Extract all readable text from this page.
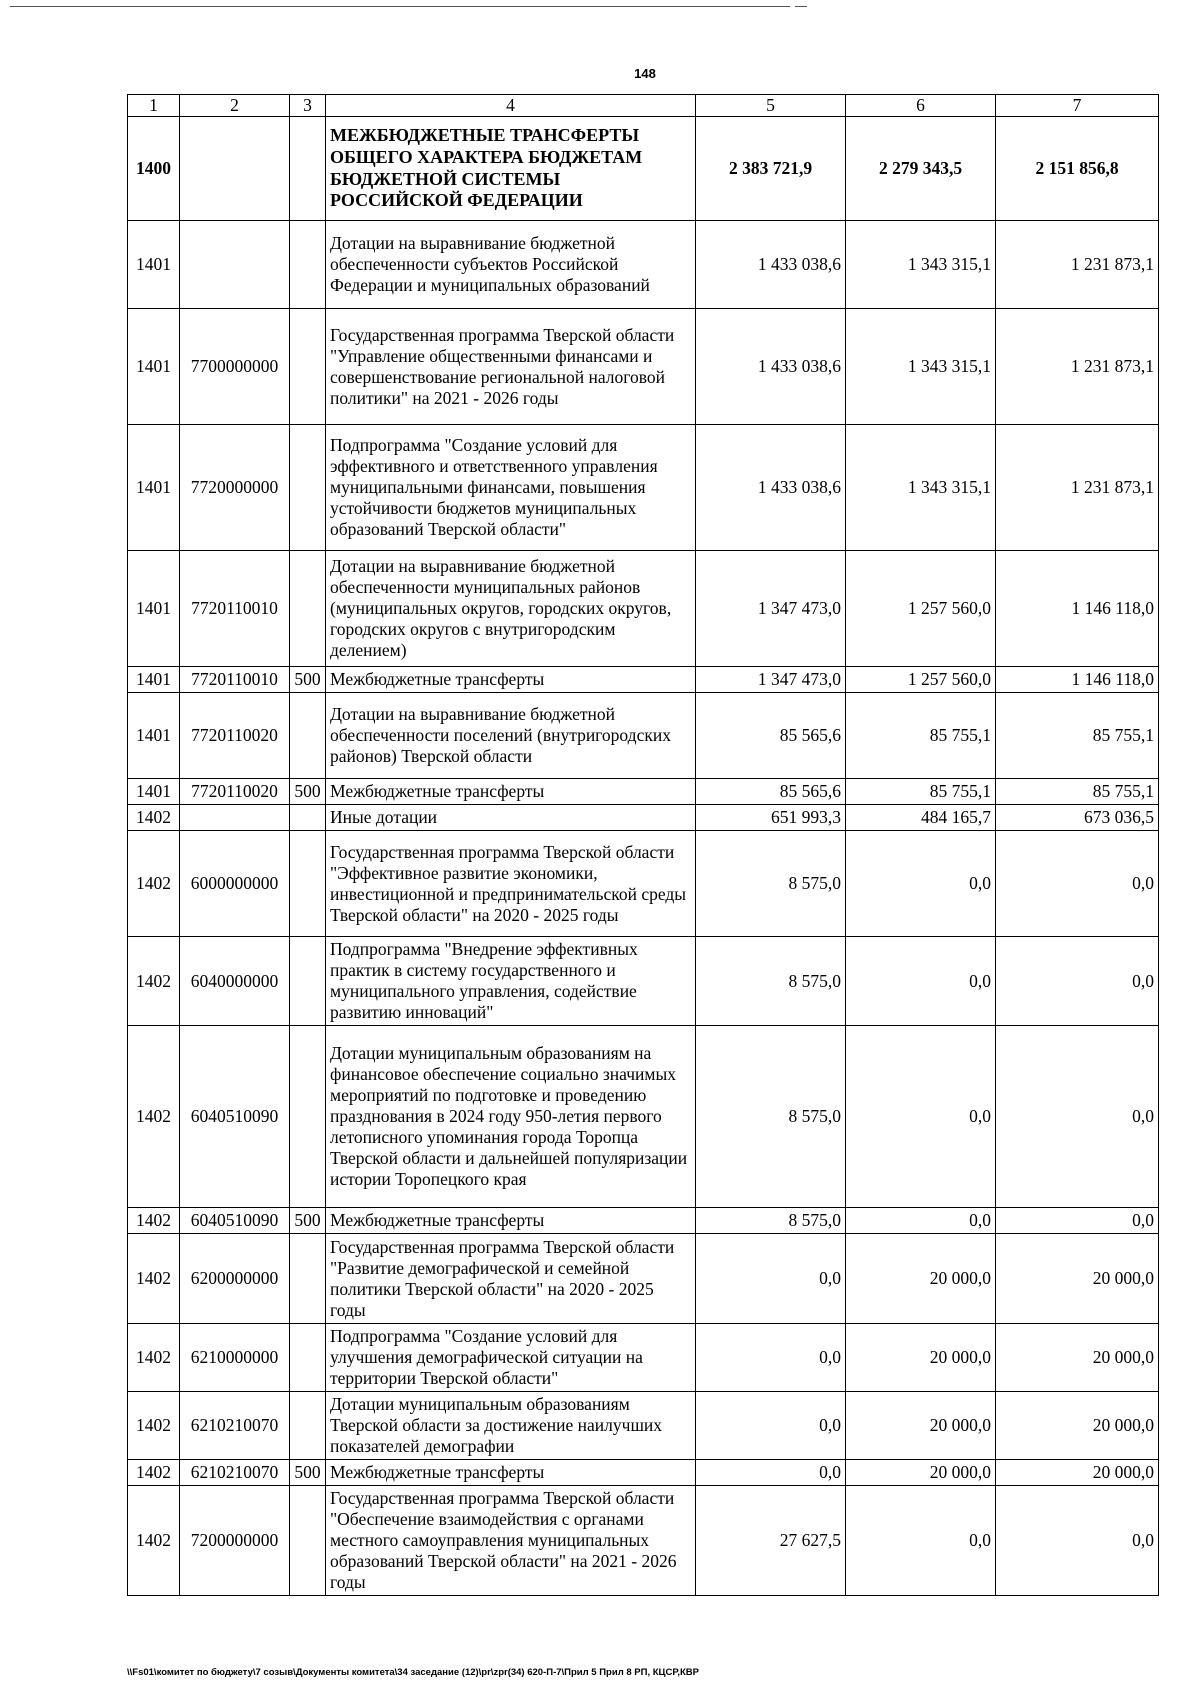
148
1	2	3	4	5	6	7
1400			МЕЖБЮДЖЕТНЫЕ ТРАНСФЕРТЫ ОБЩЕГО ХАРАКТЕРА БЮДЖЕТАМ БЮДЖЕТНОЙ СИСТЕМЫ РОССИЙСКОЙ ФЕДЕРАЦИИ	2 383 721,9	2 279 343,5	2 151 856,8
1401			Дотации на выравнивание бюджетной обеспеченности субъектов Российской Федерации и муниципальных образований	1 433 038,6	1 343 315,1	1 231 873,1
1401	7700000000		Государственная программа Тверской области "Управление общественными финансами и совершенствование региональной налоговой политики" на 2021 - 2026 годы	1 433 038,6	1 343 315,1	1 231 873,1
1401	7720000000		Подпрограмма "Создание условий для эффективного и ответственного управления муниципальными финансами, повышения устойчивости бюджетов муниципальных образований Тверской области"	1 433 038,6	1 343 315,1	1 231 873,1
1401	7720110010		Дотации на выравнивание бюджетной обеспеченности муниципальных районов (муниципальных округов, городских округов, городских округов с внутригородским делением)	1 347 473,0	1 257 560,0	1 146 118,0
1401	7720110010	500	Межбюджетные трансферты	1 347 473,0	1 257 560,0	1 146 118,0
1401	7720110020		Дотации на выравнивание бюджетной обеспеченности поселений (внутригородских районов) Тверской области	85 565,6	85 755,1	85 755,1
1401	7720110020	500	Межбюджетные трансферты	85 565,6	85 755,1	85 755,1
1402			Иные дотации	651 993,3	484 165,7	673 036,5
1402	6000000000		Государственная программа Тверской области "Эффективное развитие экономики, инвестиционной и предпринимательской среды Тверской области" на 2020 - 2025 годы	8 575,0	0,0	0,0
1402	6040000000		Подпрограмма "Внедрение эффективных практик в систему государственного и муниципального управления, содействие развитию инноваций"	8 575,0	0,0	0,0
1402	6040510090		Дотации муниципальным образованиям на финансовое обеспечение социально значимых мероприятий по подготовке и проведению празднования в 2024 году 950-летия первого летописного упоминания города Торопца Тверской области и дальнейшей популяризации истории Торопецкого края	8 575,0	0,0	0,0
1402	6040510090	500	Межбюджетные трансферты	8 575,0	0,0	0,0
1402	6200000000		Государственная программа Тверской области "Развитие демографической и семейной политики Тверской области" на 2020 - 2025 годы	0,0	20 000,0	20 000,0
1402	6210000000		Подпрограмма "Создание условий для улучшения демографической ситуации на территории Тверской области"	0,0	20 000,0	20 000,0
1402	6210210070		Дотации муниципальным образованиям Тверской области за достижение наилучших показателей демографии	0,0	20 000,0	20 000,0
1402	6210210070	500	Межбюджетные трансферты	0,0	20 000,0	20 000,0
1402	7200000000		Государственная программа Тверской области "Обеспечение взаимодействия с органами местного самоуправления муниципальных образований Тверской области" на 2021 - 2026 годы	27 627,5	0,0	0,0
\\Fs01\комитет по бюджету\7 созыв\Документы комитета\34 заседание (12)\pr\zpr(34) 620-П-7\Прил 5 Прил 8 РП, КЦСР,КВР
